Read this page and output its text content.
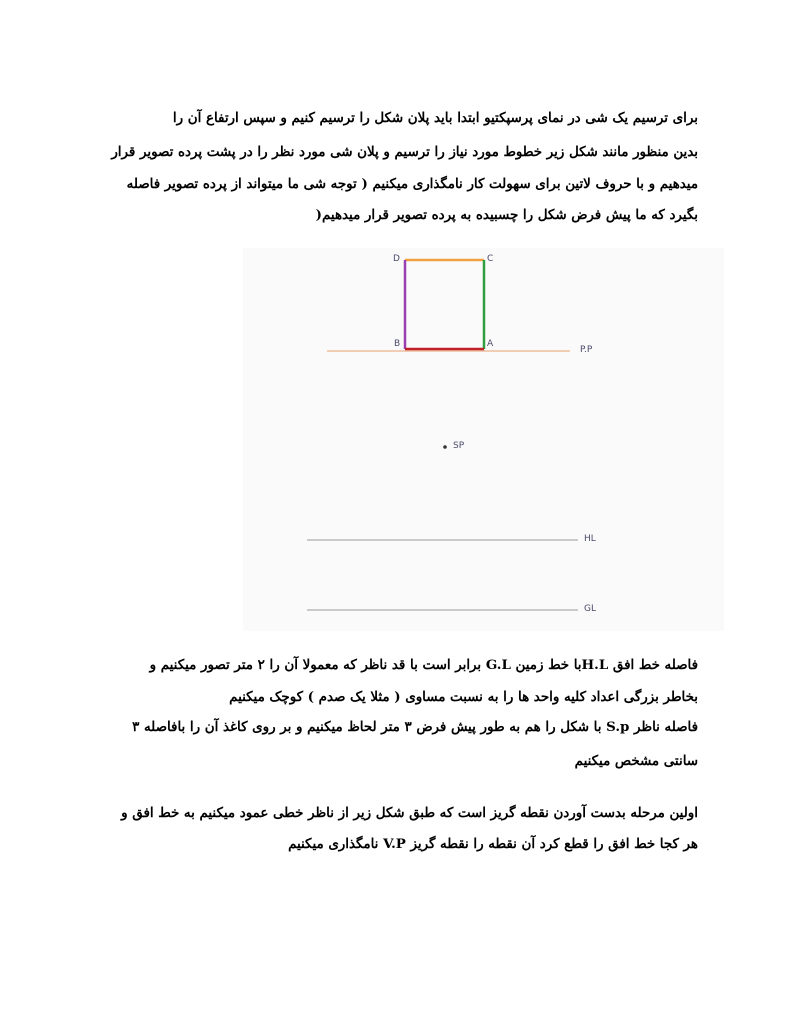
برای ترسیم یک شی در نمای پرسپکتیو ابتدا باید پلان شکل را ترسیم کنیم و سپس ارتفاع آن را
بدین منظور مانند شکل زیر خطوط مورد نیاز را ترسیم و پلان شی مورد نظر را در پشت پرده تصویر قرار
میدهیم و با حروف لاتین برای سهولت کار نامگذاری میکنیم ( توجه شی ما میتواند از پرده تصویر فاصله
بگیرد که ما پیش فرض شکل را چسبیده به پرده تصویر قرار میدهیم(
D	C
B	A
P.P
SP
HL
GL
فاصله خط افق H.Lبا خط زمین G.L برابر است با قد ناظر که معمولا آن را ۲ متر تصور میکنیم و
بخاطر بزرگی اعداد کلیه واحد ها را به نسبت مساوی ( مثلا یک صدم ) کوچک میکنیم
فاصله ناظر S.p با شکل را هم به طور پیش فرض ۳ متر لحاظ میکنیم و بر روی کاغذ آن را بافاصله ۳
سانتی مشخص میکنیم
اولین مرحله بدست آوردن نقطه گریز است که طبق شکل زیر از ناظر خطی عمود میکنیم به خط افق و
هر کجا خط افق را قطع کرد آن نقطه را نقطه گریز V.P نامگذاری میکنیم
